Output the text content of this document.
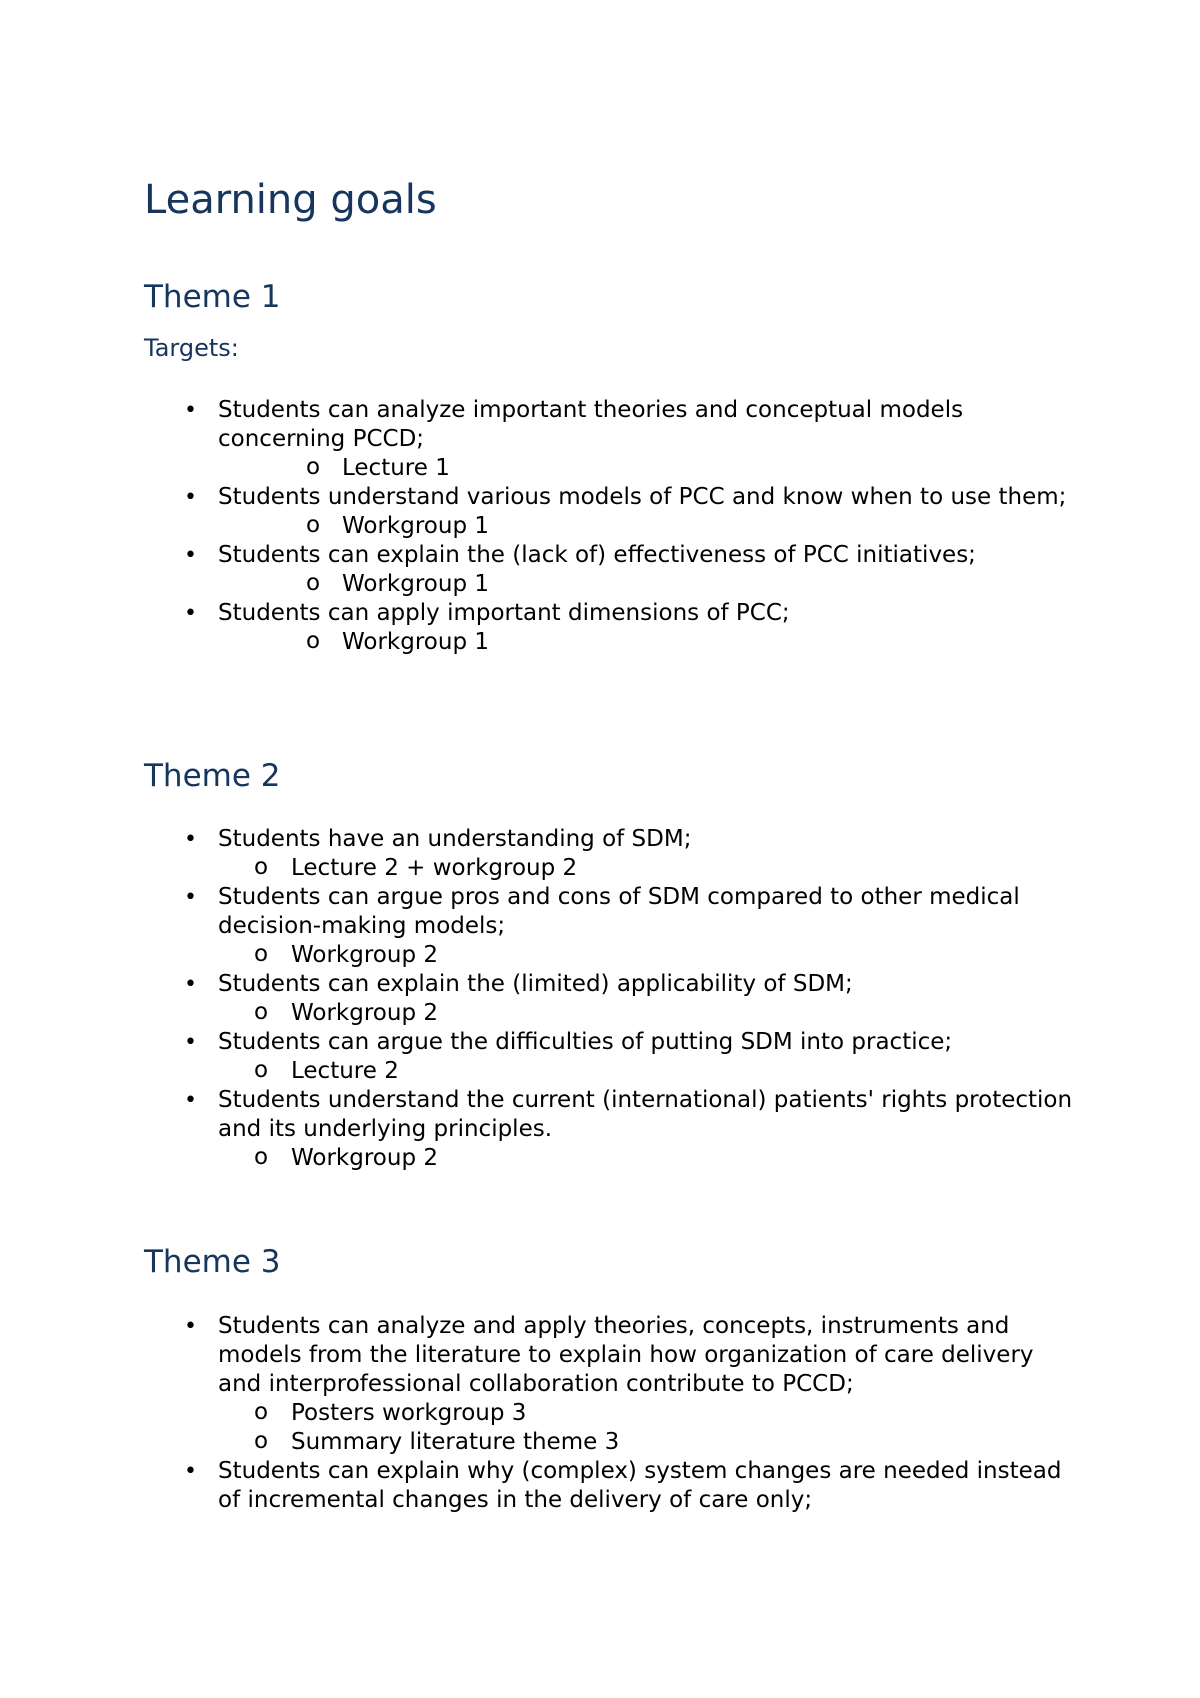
Learning goals
Theme 1
Targets:
• Students can analyze important theories and conceptual models concerning PCCD;
o Lecture 1
• Students understand various models of PCC and know when to use them;
o Workgroup 1
• Students can explain the (lack of) effectiveness of PCC initiatives;
o Workgroup 1
• Students can apply important dimensions of PCC;
o Workgroup 1
Theme 2
• Students have an understanding of SDM;
o Lecture 2 + workgroup 2
• Students can argue pros and cons of SDM compared to other medical decision-making models;
o Workgroup 2
• Students can explain the (limited) applicability of SDM;
o Workgroup 2
• Students can argue the difficulties of putting SDM into practice;
o Lecture 2
• Students understand the current (international) patients' rights protection and its underlying principles.
o Workgroup 2
Theme 3
• Students can analyze and apply theories, concepts, instruments and models from the literature to explain how organization of care delivery and interprofessional collaboration contribute to PCCD;
o Posters workgroup 3
o Summary literature theme 3
• Students can explain why (complex) system changes are needed instead of incremental changes in the delivery of care only;
